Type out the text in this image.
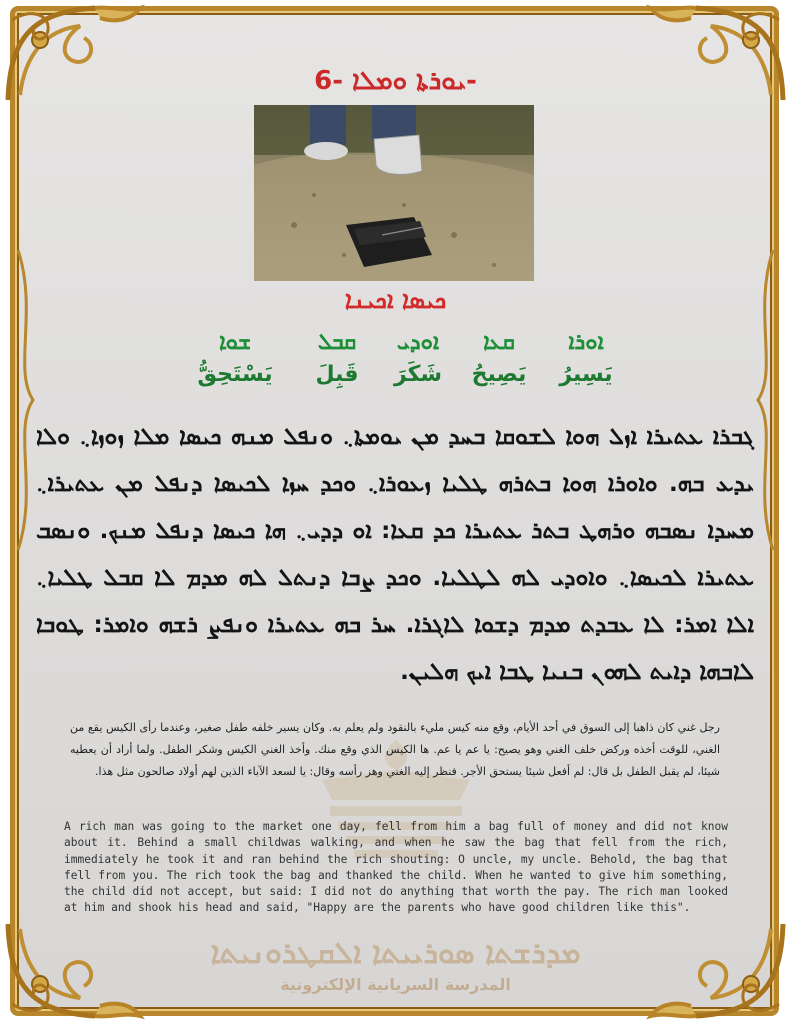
ܝܘܪܬܐ ܘܡܠܐ -6-
ܟܝܣܐ ܐܟܝܢܐ
ܐܘܪܐ
يَسِيرُ
ܩܥܐ
يَصِيحُ
ܐܘܕܝ
شَكَرَ
ܩܒܠ
قَبِلَ
ܫܘܐ
يَسْتَحِقُّ
ܓܒܪܐ ܥܬܝܪܐ ܐܙܠ ܗܘܐ ܠܫܘܩܐ ܒܚܕ ܡܢ ܝܘܡܬܐ܆ ܘܢܦܠ ܡܢܗ ܟܝܣܐ ܡܠܐ ܙܘܙܐ܆ ܘܠܐ ܝܕܥ ܒܗ. ܘܐܘܪܐ ܗܘܐ ܒܬܪܗ ܛܠܝܐ ܙܥܘܪܐ܆ ܘܟܕ ܚܙܐ ܠܟܝܣܐ ܕܢܦܠ ܡܢ ܥܬܝܪܐ܆ ܡܚܕܐ ܢܣܒܗ ܘܪܗܛ ܒܬܪ ܥܬܝܪܐ ܟܕ ܩܥܐ: ܐܘ ܕܕܝ܆ ܗܐ ܟܝܣܐ ܕܢܦܠ ܡܢܟ. ܘܢܣܒ ܥܬܝܪܐ ܠܟܝܣܐ܆ ܘܐܘܕܝ ܠܗ ܠܛܠܝܐ. ܘܟܕ ܨܒܐ ܕܢܬܠ ܠܗ ܡܕܡ ܠܐ ܩܒܠ ܛܠܝܐ܆ ܐܠܐ ܐܡܪ: ܠܐ ܥܒܕܬ ܡܕܡ ܕܫܘܐ ܠܐܓܪܐ. ܚܪ ܒܗ ܥܬܝܪܐ ܘܢܦܨ ܪܫܗ ܘܐܡܪ: ܛܘܒܐ ܠܐܒܗܐ ܕܐܝܬ ܠܗܘܢ ܒܢܝܐ ܛܒܐ ܐܝܟ ܗܠܝܢ.
رجل غني كان ذاهبا إلى السوق في أحد الأيام، وقع منه كيس مليء بالنقود ولم يعلم به. وكان يسير خلفه طفل صغير، وعندما رأى الكيس يقع من الغني، للوقت أخذه وركض خلف الغني وهو يصيح: يا عم يا عم. ها الكيس الذي وقع منك. وأخذ الغني الكيس وشكر الطفل. ولما أراد أن يعطيه شيئا، لم يقبل الطفل بل قال: لم أفعل شيئا يستحق الأجر. فنظر إليه الغني وهز رأسه وقال: يا لسعد الآباء الذين لهم أولاد صالحون مثل هذا.
A rich man was going to the market one day, fell from him a bag full of money and did not know about it. Behind a small childwas walking, and when he saw the bag that fell from the rich, immediately he took it and ran behind the rich shouting: O uncle, my uncle. Behold, the bag that fell from you. The rich took the bag and thanked the child. When he wanted to give him something, the child did not accept, but said: I did not do anything that worth the pay. The rich man looked at him and shook his head and said, "Happy are the parents who have good children like this".
ܡܕܪܫܬܐ ܣܘܪܝܝܬܐ ܐܠܩܛܪܘܢܝܬܐ
المدرسة السريانية الإلكترونية
